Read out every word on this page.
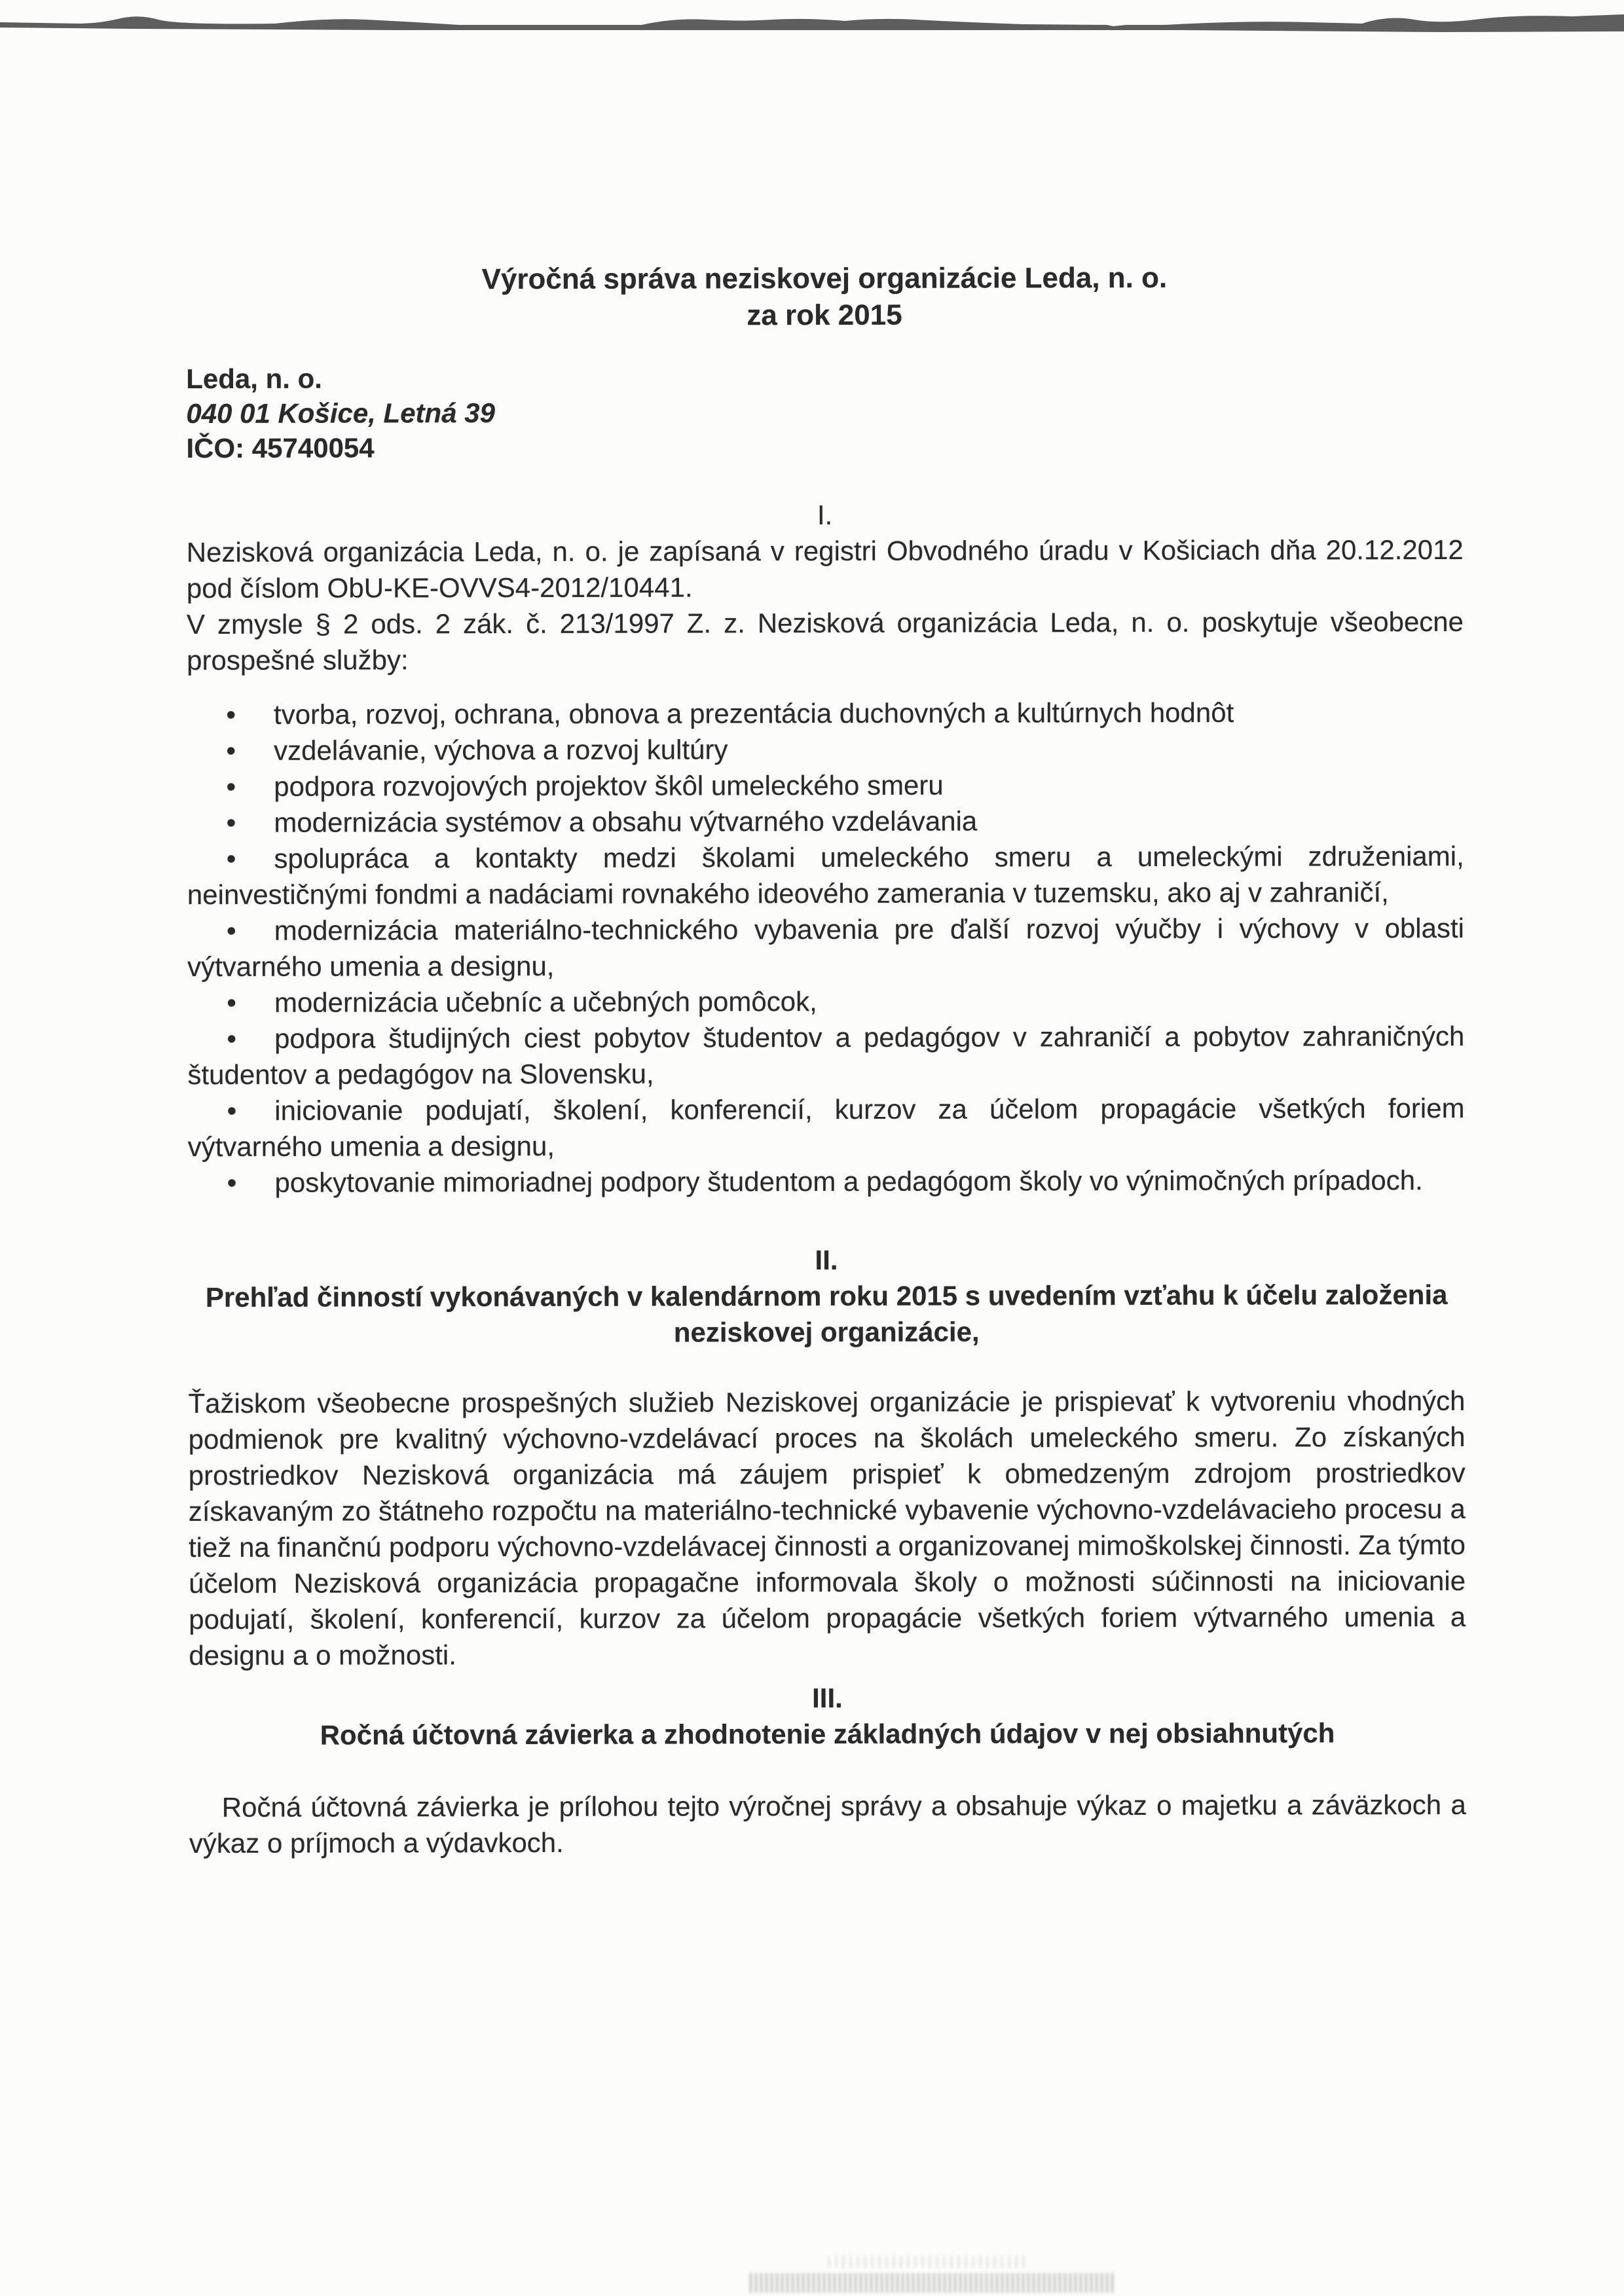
Výročná správa neziskovej organizácie Leda, n. o.

za rok 2015

Leda, n. o.

040 01 Košice, Letná 39

IČO: 45740054

I.

Nezisková organizácia Leda, n. o. je zapísaná v registri Obvodného úradu v Košiciach dňa 20.12.2012 pod číslom ObU-KE-OVVS4-2012/10441.

V zmysle § 2 ods. 2 zák. č. 213/1997 Z. z. Nezisková organizácia Leda, n. o. poskytuje všeobecne prospešné služby:

• tvorba, rozvoj, ochrana, obnova a prezentácia duchovných a kultúrnych hodnôt

• vzdelávanie, výchova a rozvoj kultúry

• podpora rozvojových projektov škôl umeleckého smeru

• modernizácia systémov a obsahu výtvarného vzdelávania

• spolupráca a kontakty medzi školami umeleckého smeru a umeleckými združeniami, neinvestičnými fondmi a nadáciami rovnakého ideového zamerania v tuzemsku, ako aj v zahraničí,

• modernizácia materiálno-technického vybavenia pre ďalší rozvoj výučby i výchovy v oblasti výtvarného umenia a designu,

• modernizácia učebníc a učebných pomôcok,

• podpora študijných ciest pobytov študentov a pedagógov v zahraničí a pobytov zahraničných študentov a pedagógov na Slovensku,

• iniciovanie podujatí, školení, konferencií, kurzov za účelom propagácie všetkých foriem výtvarného umenia a designu,

• poskytovanie mimoriadnej podpory študentom a pedagógom školy vo výnimočných prípadoch.

II.

Prehľad činností vykonávaných v kalendárnom roku 2015 s uvedením vzťahu k účelu založenia neziskovej organizácie,

Ťažiskom všeobecne prospešných služieb Neziskovej organizácie je prispievať k vytvoreniu vhodných podmienok pre kvalitný výchovno-vzdelávací proces na školách umeleckého smeru. Zo získaných prostriedkov Nezisková organizácia má záujem prispieť k obmedzeným zdrojom prostriedkov získavaným zo štátneho rozpočtu na materiálno-technické vybavenie výchovno-vzdelávacieho procesu a tiež na finančnú podporu výchovno-vzdelávacej činnosti a organizovanej mimoškolskej činnosti. Za týmto účelom Nezisková organizácia propagačne informovala školy o možnosti súčinnosti na iniciovanie podujatí, školení, konferencií, kurzov za účelom propagácie všetkých foriem výtvarného umenia a designu a o možnosti.

III.

Ročná účtovná závierka a zhodnotenie základných údajov v nej obsiahnutých

Ročná účtovná závierka je prílohou tejto výročnej správy a obsahuje výkaz o majetku a záväzkoch a výkaz o príjmoch a výdavkoch.
